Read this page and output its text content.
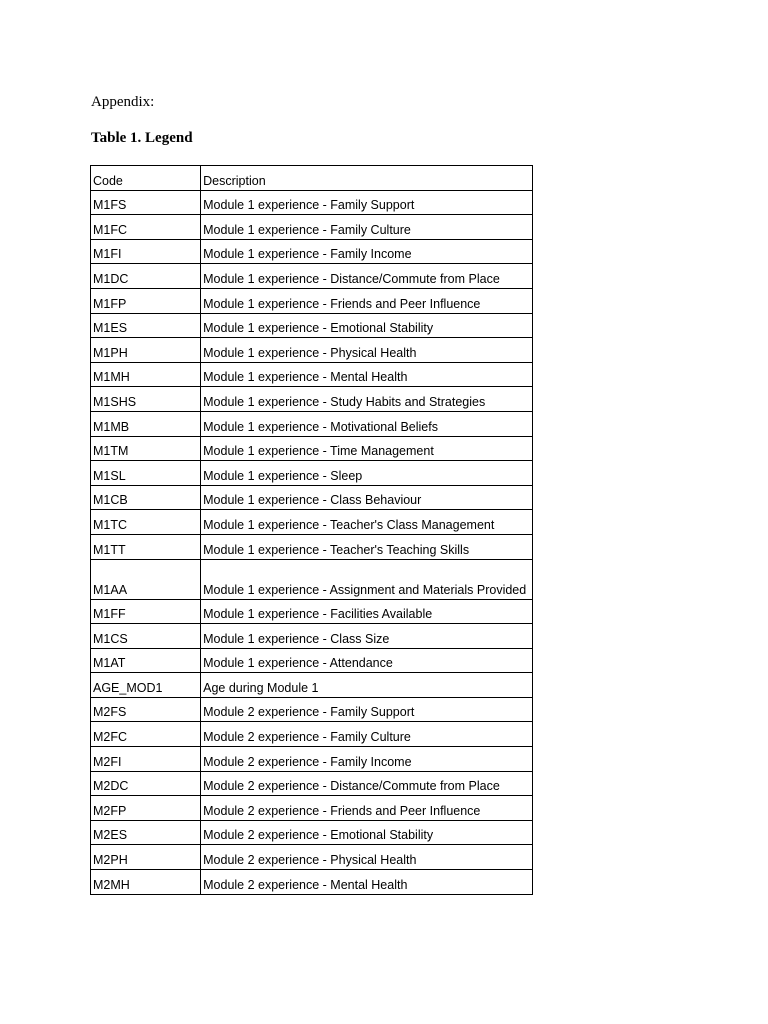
Appendix:
Table 1. Legend
Code	Description
M1FS	Module 1 experience - Family Support
M1FC	Module 1 experience - Family Culture
M1FI	Module 1 experience - Family Income
M1DC	Module 1 experience - Distance/Commute from Place
M1FP	Module 1 experience - Friends and Peer Influence
M1ES	Module 1 experience - Emotional Stability
M1PH	Module 1 experience - Physical Health
M1MH	Module 1 experience - Mental Health
M1SHS	Module 1 experience - Study Habits and Strategies
M1MB	Module 1 experience - Motivational Beliefs
M1TM	Module 1 experience - Time Management
M1SL	Module 1 experience - Sleep
M1CB	Module 1 experience - Class Behaviour
M1TC	Module 1 experience - Teacher's Class Management
M1TT	Module 1 experience - Teacher's Teaching Skills
M1AA	Module 1 experience - Assignment and Materials Provided
M1FF	Module 1 experience - Facilities Available
M1CS	Module 1 experience - Class Size
M1AT	Module 1 experience - Attendance
AGE_MOD1	Age during Module 1
M2FS	Module 2 experience - Family Support
M2FC	Module 2 experience - Family Culture
M2FI	Module 2 experience - Family Income
M2DC	Module 2 experience - Distance/Commute from Place
M2FP	Module 2 experience - Friends and Peer Influence
M2ES	Module 2 experience - Emotional Stability
M2PH	Module 2 experience - Physical Health
M2MH	Module 2 experience - Mental Health
